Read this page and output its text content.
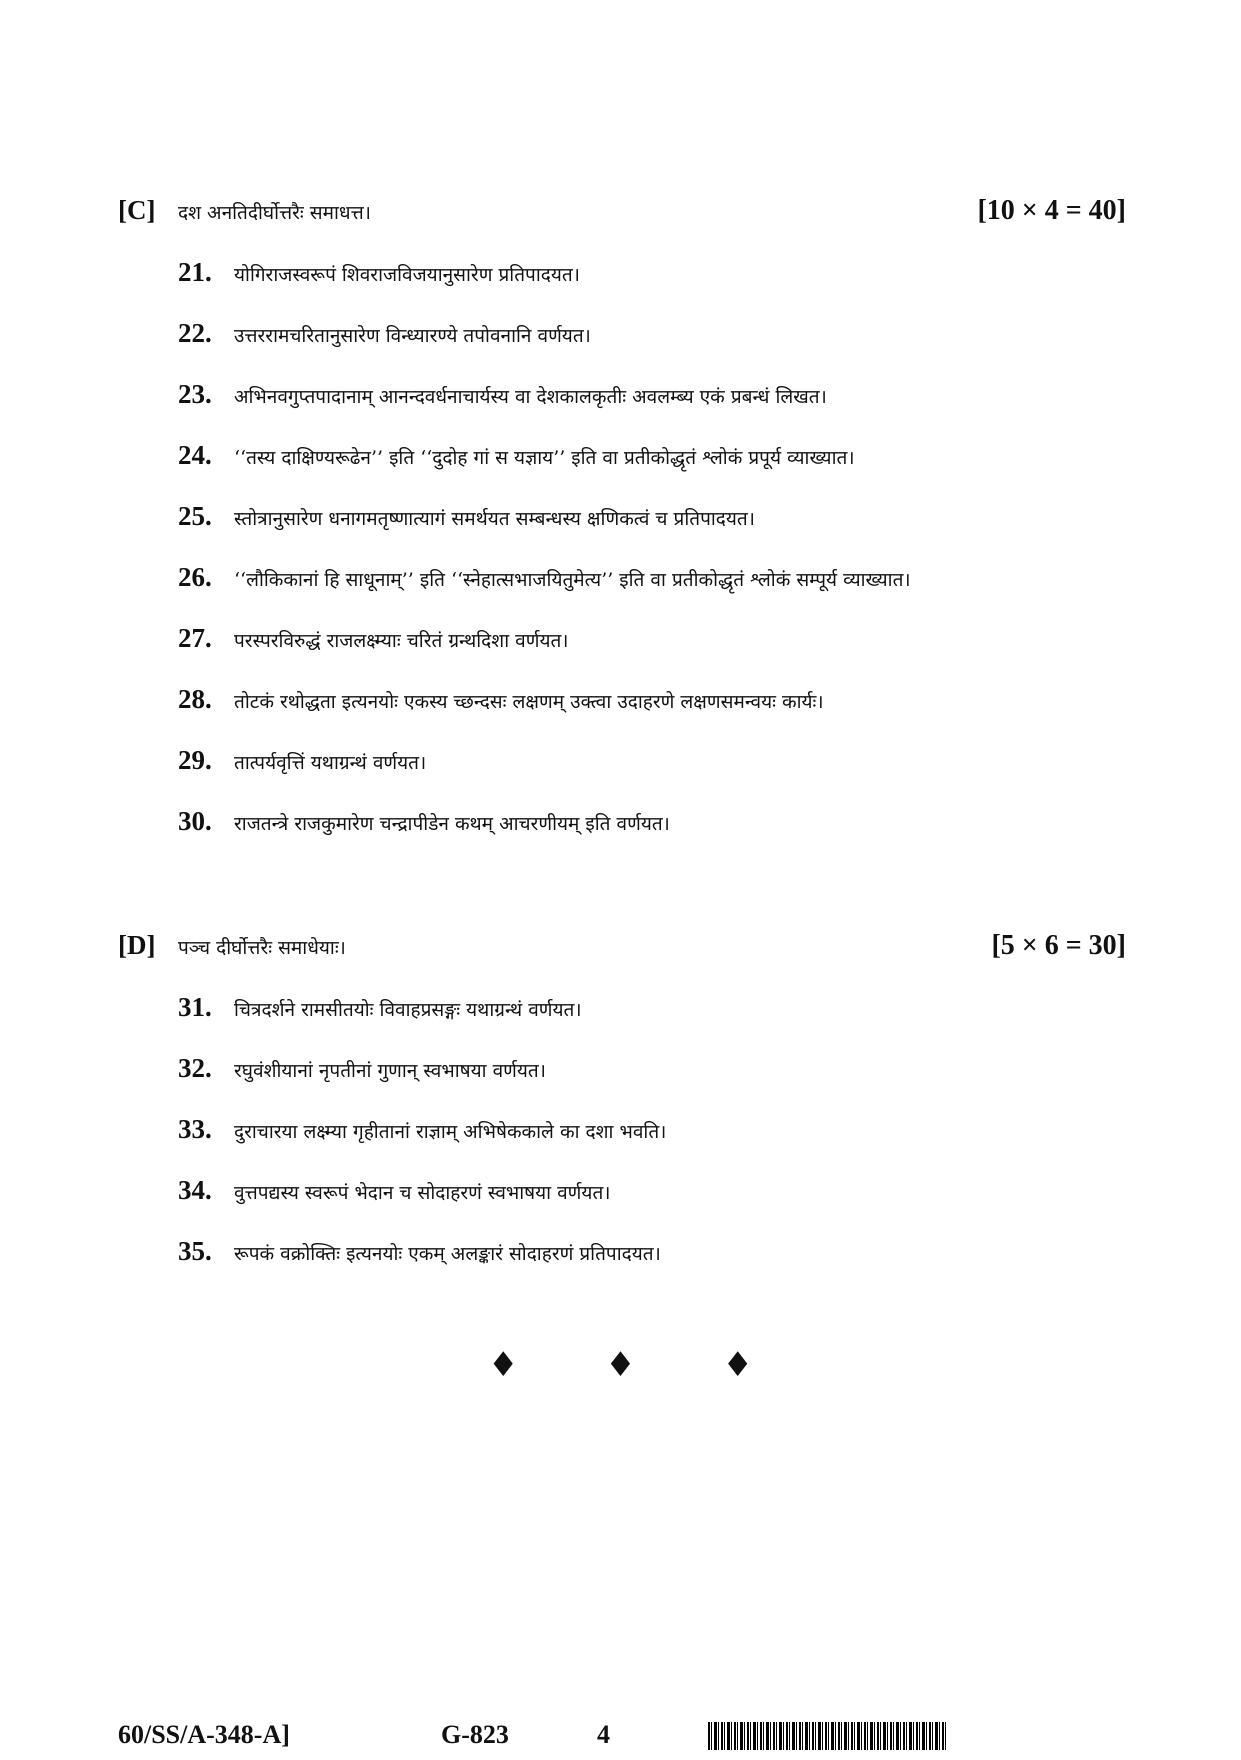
[C] दश अनतिदीर्घोत्तरैः समाधत्त।	[10 × 4 = 40]
21. योगिराजस्वरूपं शिवराजविजयानुसारेण प्रतिपादयत।
22. उत्तररामचरितानुसारेण विन्ध्यारण्ये तपोवनानि वर्णयत।
23. अभिनवगुप्तपादानाम् आनन्दवर्धनाचार्यस्य वा देशकालकृतीः अवलम्ब्य एकं प्रबन्धं लिखत।
24. ‘‘तस्य दाक्षिण्यरूढेन’’ इति ‘‘दुदोह गां स यज्ञाय’’ इति वा प्रतीकोद्धृतं श्लोकं प्रपूर्य व्याख्यात।
25. स्तोत्रानुसारेण धनागमतृष्णात्यागं समर्थयत सम्बन्धस्य क्षणिकत्वं च प्रतिपादयत।
26. ‘‘लौकिकानां हि साधूनाम्’’ इति ‘‘स्नेहात्सभाजयितुमेत्य’’ इति वा प्रतीकोद्धृतं श्लोकं सम्पूर्य व्याख्यात।
27. परस्परविरुद्धं राजलक्ष्म्याः चरितं ग्रन्थदिशा वर्णयत।
28. तोटकं रथोद्धता इत्यनयोः एकस्य च्छन्दसः लक्षणम् उक्त्वा उदाहरणे लक्षणसमन्वयः कार्यः।
29. तात्पर्यवृत्तिं यथाग्रन्थं वर्णयत।
30. राजतन्त्रे राजकुमारेण चन्द्रापीडेन कथम् आचरणीयम् इति वर्णयत।
[D] पञ्च दीर्घोत्तरैः समाधेयाः।	[5 × 6 = 30]
31. चित्रदर्शने रामसीतयोः विवाहप्रसङ्गः यथाग्रन्थं वर्णयत।
32. रघुवंशीयानां नृपतीनां गुणान् स्वभाषया वर्णयत।
33. दुराचारया लक्ष्म्या गृहीतानां राज्ञाम् अभिषेककाले का दशा भवति।
34. वुत्तपद्यस्य स्वरूपं भेदान च सोदाहरणं स्वभाषया वर्णयत।
35. रूपकं वक्रोक्तिः इत्यनयोः एकम् अलङ्कारं सोदाहरणं प्रतिपादयत।
♦ ♦ ♦
60/SS/A-348-A]	G-823	4
